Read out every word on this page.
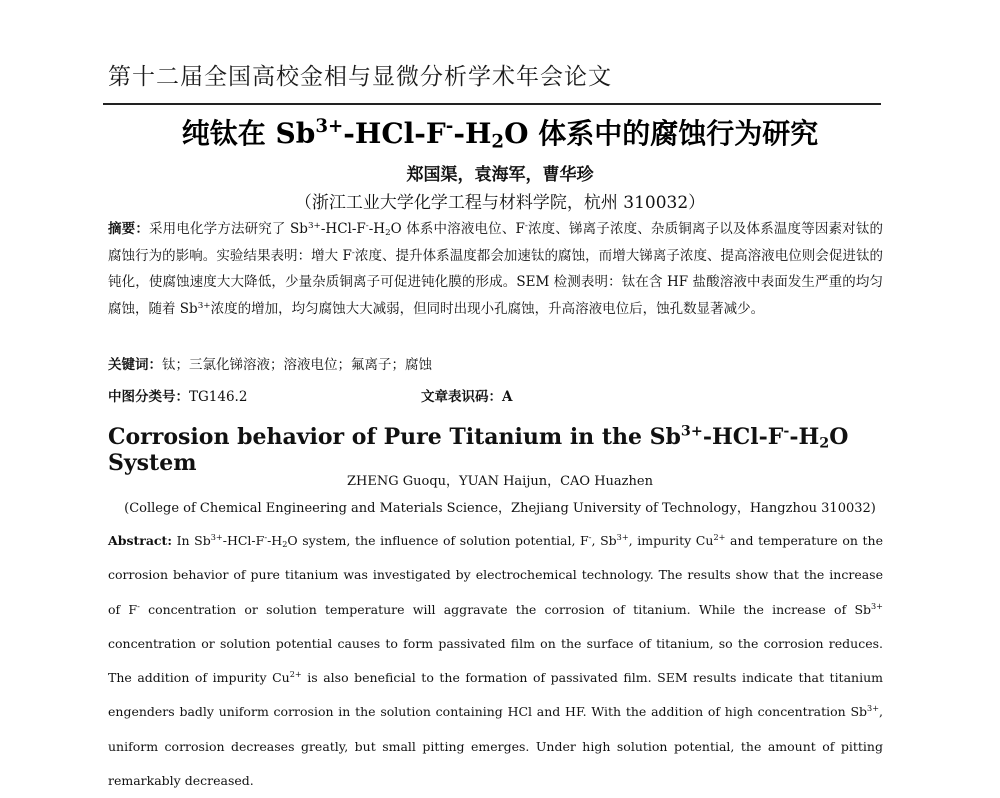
第十二届全国高校金相与显微分析学术年会论文
纯钛在 $Sb^{3+}-HCl-F^--H_2O$ 体系中的腐蚀行为研究
郑国渠，袁海军，曹华珍
（浙江工业大学化学工程与材料学院，杭州 310032）
摘要：采用电化学方法研究了 $Sb^{3+}-HCl-F^--H_2O$ 体系中溶液电位、F-浓度、锑离子浓度、杂质铜离子以及体系温度等因素对钛的腐蚀行为的影响。实验结果表明：增大 F-浓度、提升体系温度都会加速钛的腐蚀，而增大锑离子浓度、提高溶液电位则会促进钛的钝化，使腐蚀速度大大降低，少量杂质铜离子可促进钝化膜的形成。SEM 检测表明：钛在含 HF 盐酸溶液中表面发生严重的均匀腐蚀，随着 $Sb^{3+}$浓度的增加，均匀腐蚀大大减弱，但同时出现小孔腐蚀，升高溶液电位后，蚀孔数显著减少。
关键词：钛；三氯化锑溶液；溶液电位；氟离子；腐蚀
中图分类号：TG146.2	文章表识码：A
Corrosion behavior of Pure Titanium in the $Sb^{3+}-HCl-F^--H_2O$ System
ZHENG Guoqu，YUAN Haijun，CAO Huazhen
(College of Chemical Engineering and Materials Science，Zhejiang University of Technology，Hangzhou 310032)
Abstract: In $Sb^{3+}-HCl-F^--H_2O$ system, the influence of solution potential, F-, $Sb^{3+}$, impurity $Cu^{2+}$ and temperature on the corrosion behavior of pure titanium was investigated by electrochemical technology. The results show that the increase of F- concentration or solution temperature will aggravate the corrosion of titanium. While the increase of $Sb^{3+}$ concentration or solution potential causes to form passivated film on the surface of titanium, so the corrosion reduces. The addition of impurity $Cu^{2+}$ is also beneficial to the formation of passivated film. SEM results indicate that titanium engenders badly uniform corrosion in the solution containing HCl and HF. With the addition of high concentration $Sb^{3+}$, uniform corrosion decreases greatly, but small pitting emerges. Under high solution potential, the amount of pitting remarkably decreased.
